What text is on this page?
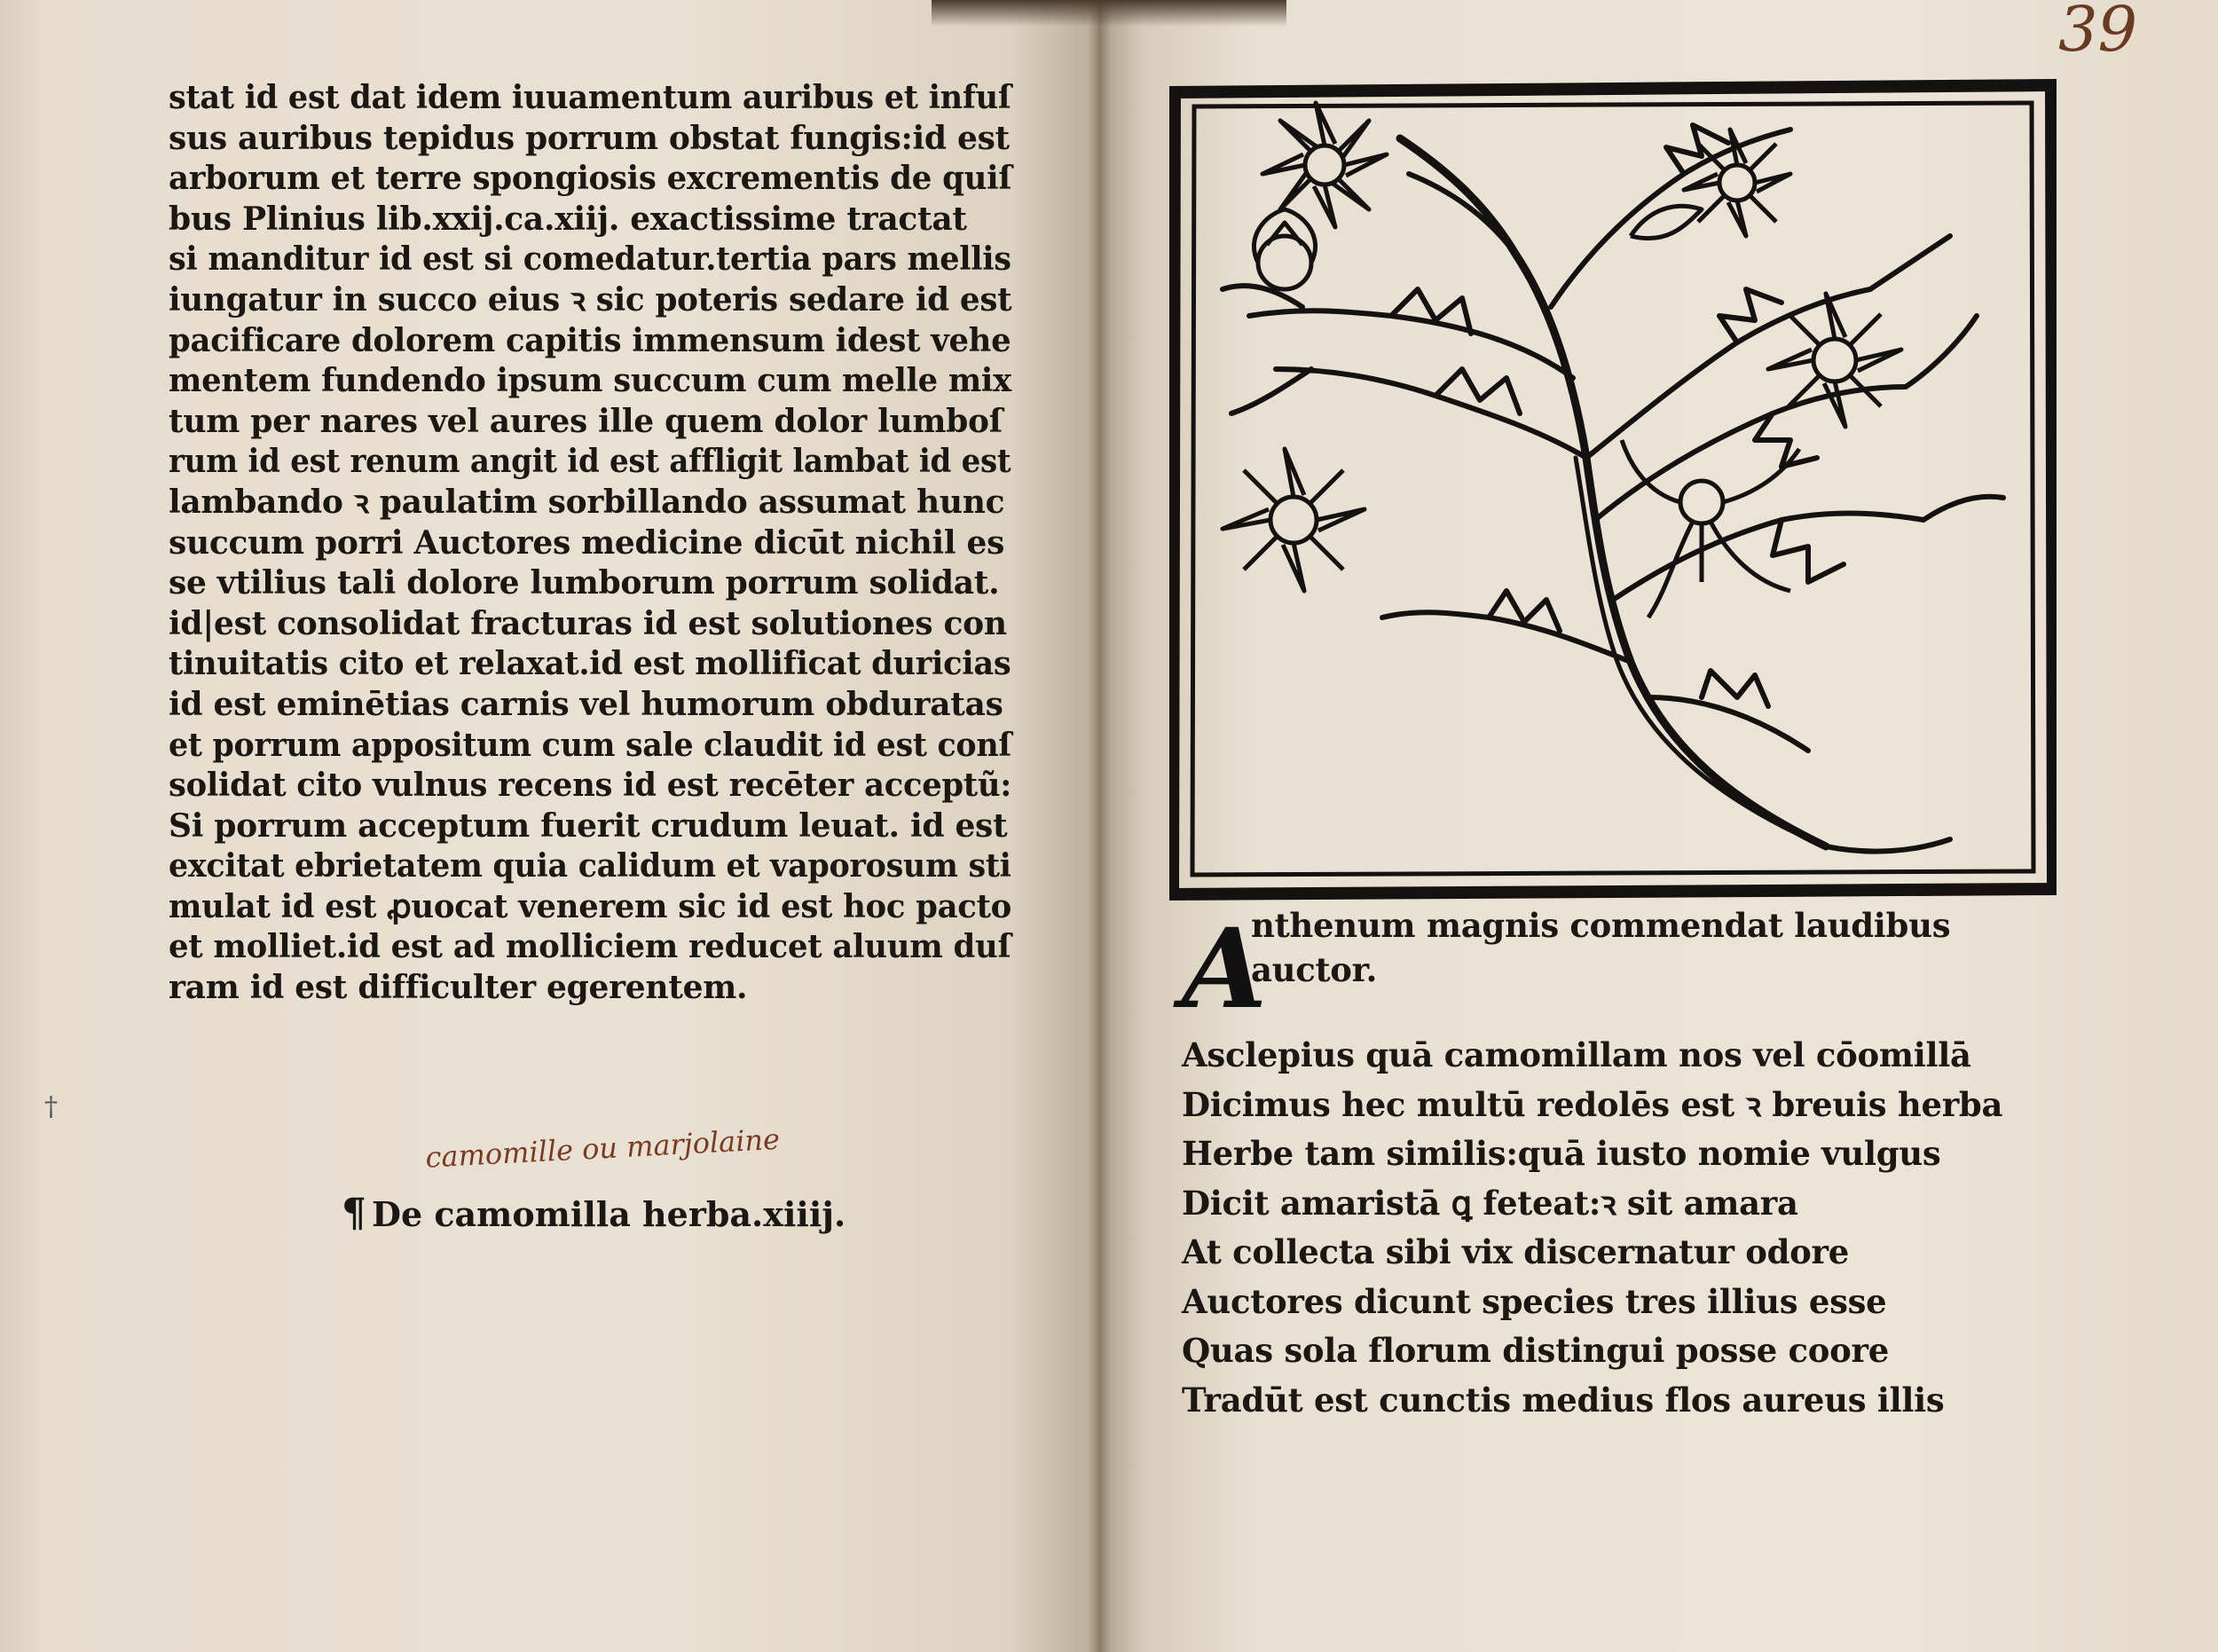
stat id est dat idem iuuamentum auribus et infuſ
sus auribus tepidus porrum obstat fungis:id est
arborum et terre spongiosis excrementis de quiſ
bus Plinius lib.xxij.ca.xiij. exactissime tractat
si manditur id est si comedatur.tertia pars mellis
iungatur in succo eius ꝛ sic poteris sedare id est
pacificare dolorem capitis immensum idest vehe
mentem fundendo ipsum succum cum melle mix
tum per nares vel aures ille quem dolor lumboſ
rum id est renum angit id est affligit lambat id est
lambando ꝛ paulatim sorbillando assumat hunc
succum porri Auctores medicine dicūt nichil es
se vtilius tali dolore lumborum porrum solidat.
id|est consolidat fracturas id est solutiones con
tinuitatis cito et relaxat.id est mollificat duricias
id est eminētias carnis vel humorum obduratas
et porrum appositum cum sale claudit id est conſ
solidat cito vulnus recens id est recēter acceptũ:
Si porrum acceptum fuerit crudum leuat. id est
excitat ebrietatem quia calidum et vaporosum sti
mulat id est ꝓuocat venerem sic id est hoc pacto
et molliet.id est ad molliciem reducet aluum duſ
ram id est difficulter egerentem.
†
camomille ou marjolaine
¶ De camomilla herba.xiiij.
39
A
nthenum magnis commendat laudibus
auctor.
Asclepius quā camomillam nos vel cōomillā
Dicimus hec multū redolēs est ꝛ breuis herba
Herbe tam similis:quā iusto nomie vulgus
Dicit amaristā ꝗ feteat:ꝛ sit amara
At collecta sibi vix discernatur odore
Auctores dicunt species tres illius esse
Quas sola florum distingui posse coore
Tradūt est cunctis medius flos aureus illis
